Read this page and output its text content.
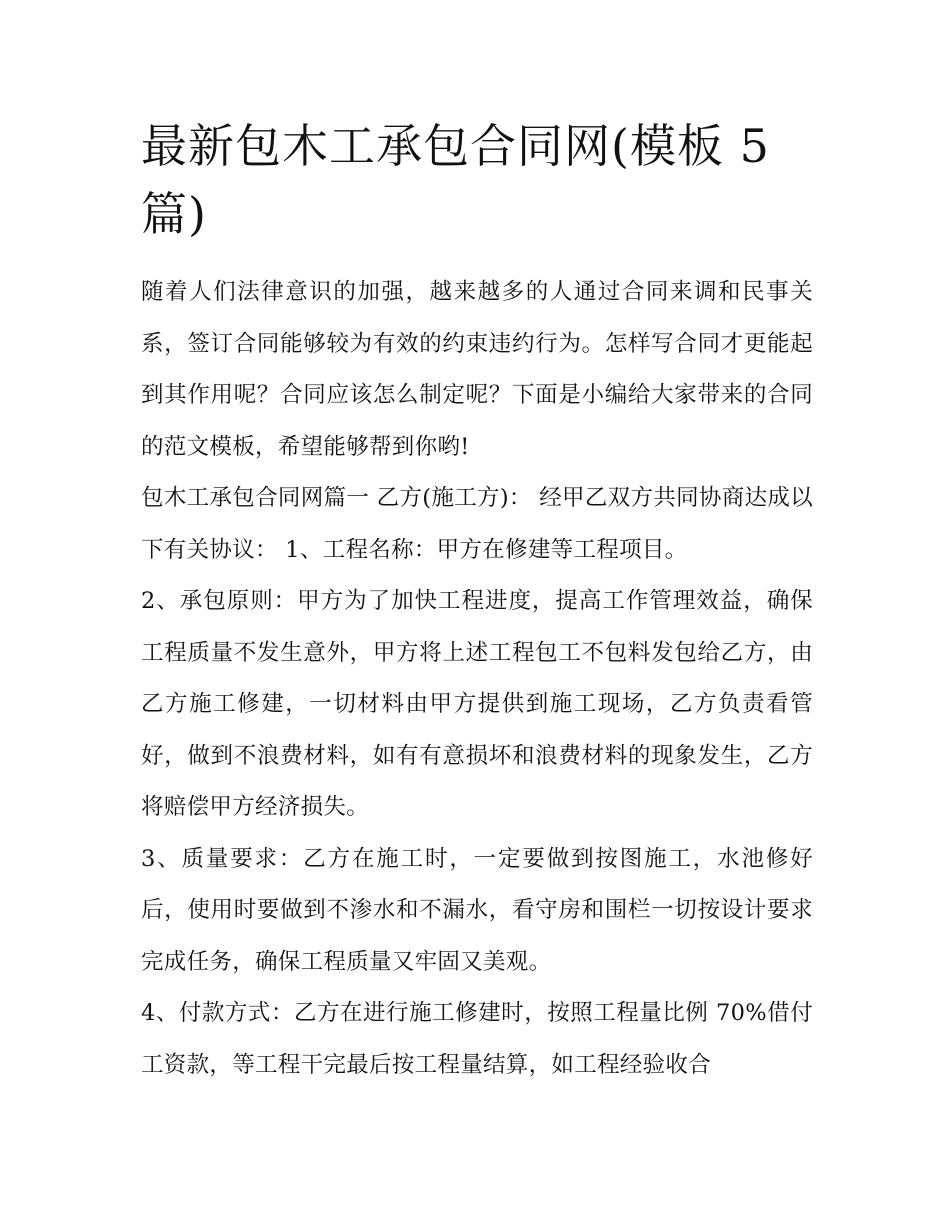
最新包木工承包合同网(模板 5 篇)

随着人们法律意识的加强，越来越多的人通过合同来调和民事关系，签订合同能够较为有效的约束违约行为。怎样写合同才更能起到其作用呢？合同应该怎么制定呢？下面是小编给大家带来的合同的范文模板，希望能够帮到你哟!

包木工承包合同网篇一 乙方(施工方)： 经甲乙双方共同协商达成以下有关协议： 1、工程名称：甲方在修建等工程项目。

2、承包原则：甲方为了加快工程进度，提高工作管理效益，确保工程质量不发生意外，甲方将上述工程包工不包料发包给乙方，由乙方施工修建，一切材料由甲方提供到施工现场，乙方负责看管好，做到不浪费材料，如有有意损坏和浪费材料的现象发生，乙方将赔偿甲方经济损失。

3、质量要求：乙方在施工时，一定要做到按图施工，水池修好后，使用时要做到不渗水和不漏水，看守房和围栏一切按设计要求完成任务，确保工程质量又牢固又美观。

4、付款方式：乙方在进行施工修建时，按照工程量比例 70%借付工资款，等工程干完最后按工程量结算，如工程经验收合
